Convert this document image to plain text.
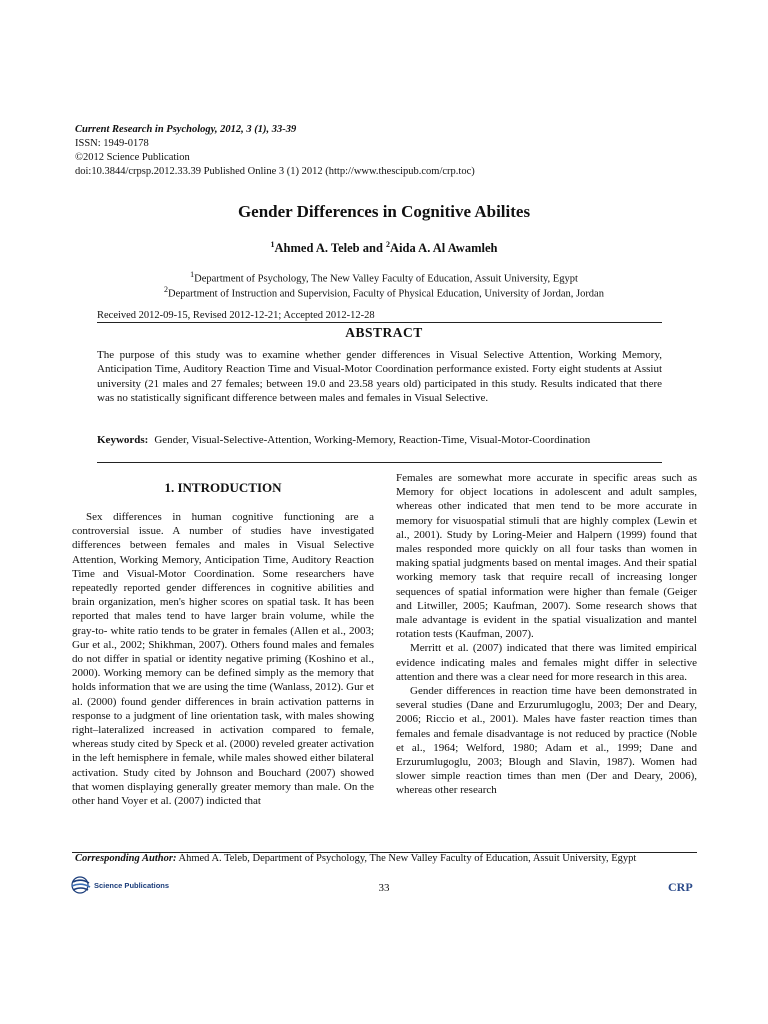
Current Research in Psychology, 2012, 3 (1), 33-39
ISSN: 1949-0178
©2012 Science Publication
doi:10.3844/crpsp.2012.33.39 Published Online 3 (1) 2012 (http://www.thescipub.com/crp.toc)
Gender Differences in Cognitive Abilites
$^1$Ahmed A. Teleb and $^2$Aida A. Al Awamleh
$^1$Department of Psychology, The New Valley Faculty of Education, Assuit University, Egypt
$^2$Department of Instruction and Supervision, Faculty of Physical Education, University of Jordan, Jordan
Received 2012-09-15, Revised 2012-12-21; Accepted 2012-12-28
ABSTRACT
The purpose of this study was to examine whether gender differences in Visual Selective Attention, Working Memory, Anticipation Time, Auditory Reaction Time and Visual-Motor Coordination performance existed. Forty eight students at Assiut university (21 males and 27 females; between 19.0 and 23.58 years old) participated in this study. Results indicated that there was no statistically significant difference between males and females in Visual Selective.
Keywords: Gender, Visual-Selective-Attention, Working-Memory, Reaction-Time, Visual-Motor-Coordination
1. INTRODUCTION

Sex differences in human cognitive functioning are a controversial issue. A number of studies have investigated differences between females and males in Visual Selective Attention, Working Memory, Anticipation Time, Auditory Reaction Time and Visual-Motor Coordination. Some researchers have repeatedly reported gender differences in cognitive abilities and brain organization, men's higher scores on spatial task. It has been reported that males tend to have larger brain volume, while the gray-to- white ratio tends to be grater in females (Allen et al., 2003; Gur et al., 2002; Shikhman, 2007). Others found males and females do not differ in spatial or identity negative priming (Koshino et al., 2000). Working memory can be defined simply as the memory that holds information that we are using the time (Wanlass, 2012). Gur et al. (2000) found gender differences in brain activation patterns in response to a judgment of line orientation task, with males showing right–lateralized increased in activation compared to female, whereas study cited by Speck et al. (2000) reveled greater activation in the left hemisphere in female, while males showed either bilateral activation. Study cited by Johnson and Bouchard (2007) showed that women displaying generally greater memory than male. On the other hand Voyer et al. (2007) indicted that

Females are somewhat more accurate in specific areas such as Memory for object locations in adolescent and adult samples, whereas other indicated that men tend to be more accurate in memory for visuospatial stimuli that are highly complex (Lewin et al., 2001). Study by Loring-Meier and Halpern (1999) found that males responded more quickly on all four tasks than women in making spatial judgments based on mental images. And their spatial working memory task that require recall of increasing longer sequences of spatial information were higher than female (Geiger and Litwiller, 2005; Kaufman, 2007). Some research shows that male advantage is evident in the spatial visualization and mantel rotation tests (Kaufman, 2007).

Merritt et al. (2007) indicated that there was limited empirical evidence indicating males and females might differ in selective attention and there was a clear need for more research in this area.

Gender differences in reaction time have been demonstrated in several studies (Dane and Erzurumlugoglu, 2003; Der and Deary, 2006; Riccio et al., 2001). Males have faster reaction times than females and female disadvantage is not reduced by practice (Noble et al., 1964; Welford, 1980; Adam et al., 1999; Dane and Erzurumlugoglu, 2003; Blough and Slavin, 1987). Women had slower simple reaction times than men (Der and Deary, 2006), whereas other research

Corresponding Author: Ahmed A. Teleb, Department of Psychology, The New Valley Faculty of Education, Assuit University, Egypt
Science Publications	33	CRP
